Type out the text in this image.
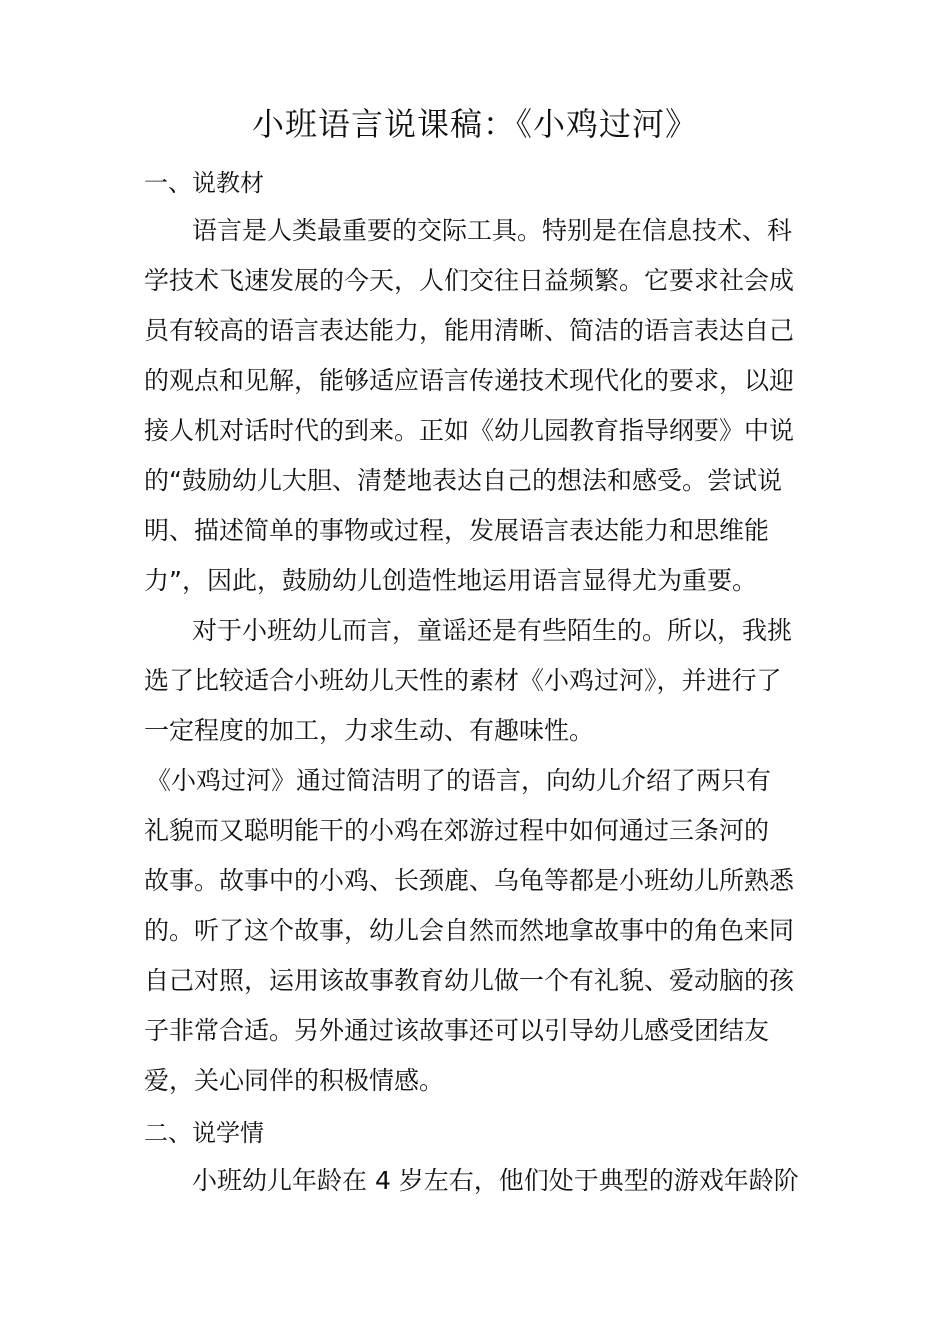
小班语言说课稿：《小鸡过河》
一、说教材
语言是人类最重要的交际工具。特别是在信息技术、科
学技术飞速发展的今天，人们交往日益频繁。它要求社会成
员有较高的语言表达能力，能用清晰、简洁的语言表达自己
的观点和见解，能够适应语言传递技术现代化的要求，以迎
接人机对话时代的到来。正如《幼儿园教育指导纲要》中说
的“鼓励幼儿大胆、清楚地表达自己的想法和感受。尝试说
明、描述简单的事物或过程，发展语言表达能力和思维能
力”，因此，鼓励幼儿创造性地运用语言显得尤为重要。
对于小班幼儿而言，童谣还是有些陌生的。所以，我挑
选了比较适合小班幼儿天性的素材《小鸡过河》，并进行了
一定程度的加工，力求生动、有趣味性。
《小鸡过河》通过简洁明了的语言，向幼儿介绍了两只有
礼貌而又聪明能干的小鸡在郊游过程中如何通过三条河的
故事。故事中的小鸡、长颈鹿、乌龟等都是小班幼儿所熟悉
的。听了这个故事，幼儿会自然而然地拿故事中的角色来同
自己对照，运用该故事教育幼儿做一个有礼貌、爱动脑的孩
子非常合适。另外通过该故事还可以引导幼儿感受团结友
爱，关心同伴的积极情感。
二、说学情
小班幼儿年龄在 4 岁左右，他们处于典型的游戏年龄阶
